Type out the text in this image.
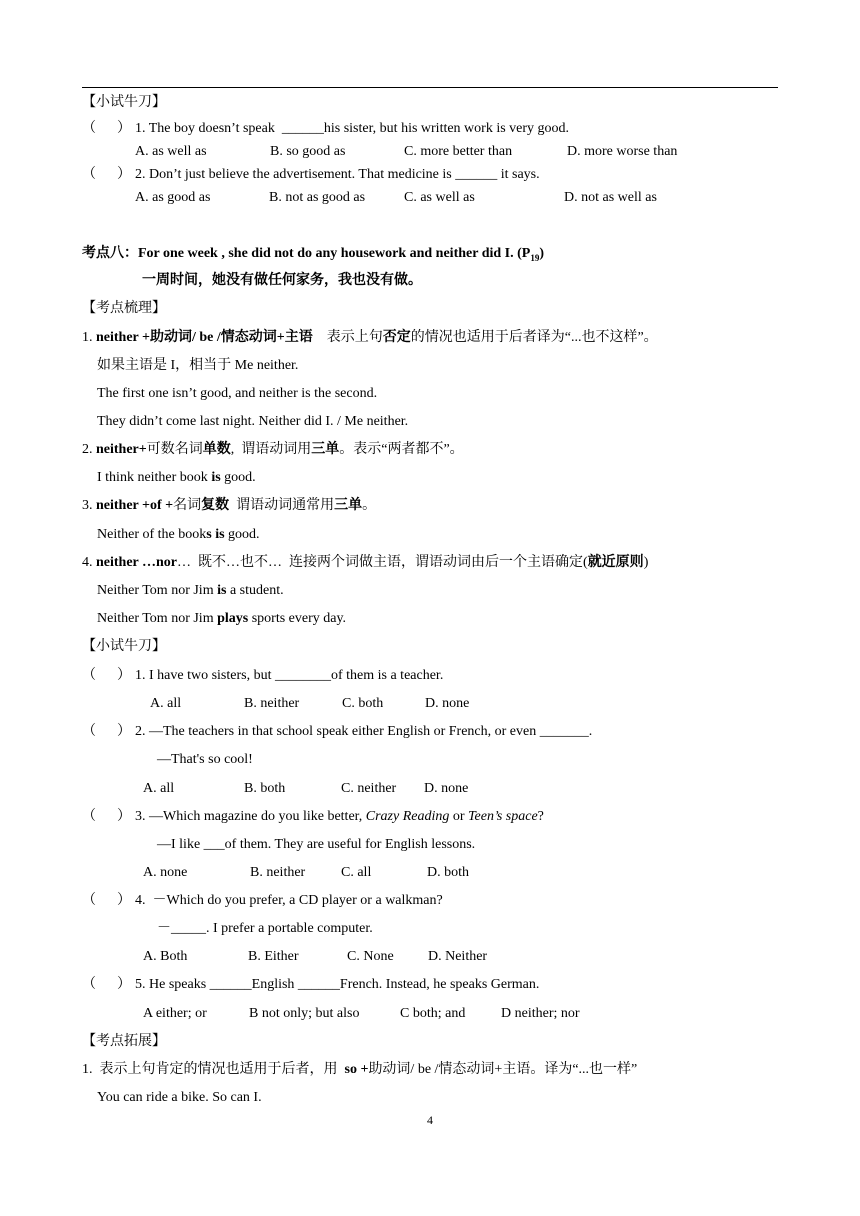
【小试牛刀】
（      ） 1. The boy doesn’t speak  ______his sister, but his written work is very good.
A. as well as	B. so good as	C. more better than	D. more worse than
（      ） 2. Don’t just believe the advertisement. That medicine is ______ it says.
A. as good as	B. not as good as	C. as well as	D. not as well as
考点八：For one week , she did not do any housework and neither did I. $(P_{19})$
一周时间，她没有做任何家务，我也没有做。
【考点梳理】
1. neither +助动词/ be /情态动词+主语    表示上句否定的情况也适用于后者译为“...也不这样”。
如果主语是 I，相当于 Me neither.
The first one isn’t good, and neither is the second.
They didn’t come last night. Neither did I. / Me neither.
2. neither+可数名词单数,  谓语动词用三单。表示“两者都不”。
I think neither book is good.
3. neither +of +名词复数  谓语动词通常用三单。
Neither of the books is good.
4. neither …nor…  既不…也不…  连接两个词做主语，谓语动词由后一个主语确定(就近原则)
Neither Tom nor Jim is a student.
Neither Tom nor Jim plays sports every day.
【小试牛刀】
（      ） 1. I have two sisters, but ________of them is a teacher.
A. all	B. neither	C. both	D. none
（      ） 2. —The teachers in that school speak either English or French, or even _______.
—That's so cool!
A. all	B. both	C. neither D. none
（      ） 3. —Which magazine do you like better, Crazy Reading or Teen’s space?
—I like ___of them. They are useful for English lessons.
A. none	B. neither	C. all	D. both
（      ） 4.  －Which do you prefer, a CD player or a walkman?
－_____. I prefer a portable computer.
A. Both	B. Either	C. None D. Neither
（      ） 5. He speaks ______English ______French. Instead, he speaks German.
A either; or	B not only; but also	C both; and	D neither; nor
【考点拓展】
1.  表示上句肯定的情况也适用于后者，用  so +助动词/ be /情态动词+主语。译为“...也一样”
You can ride a bike. So can I.
4
